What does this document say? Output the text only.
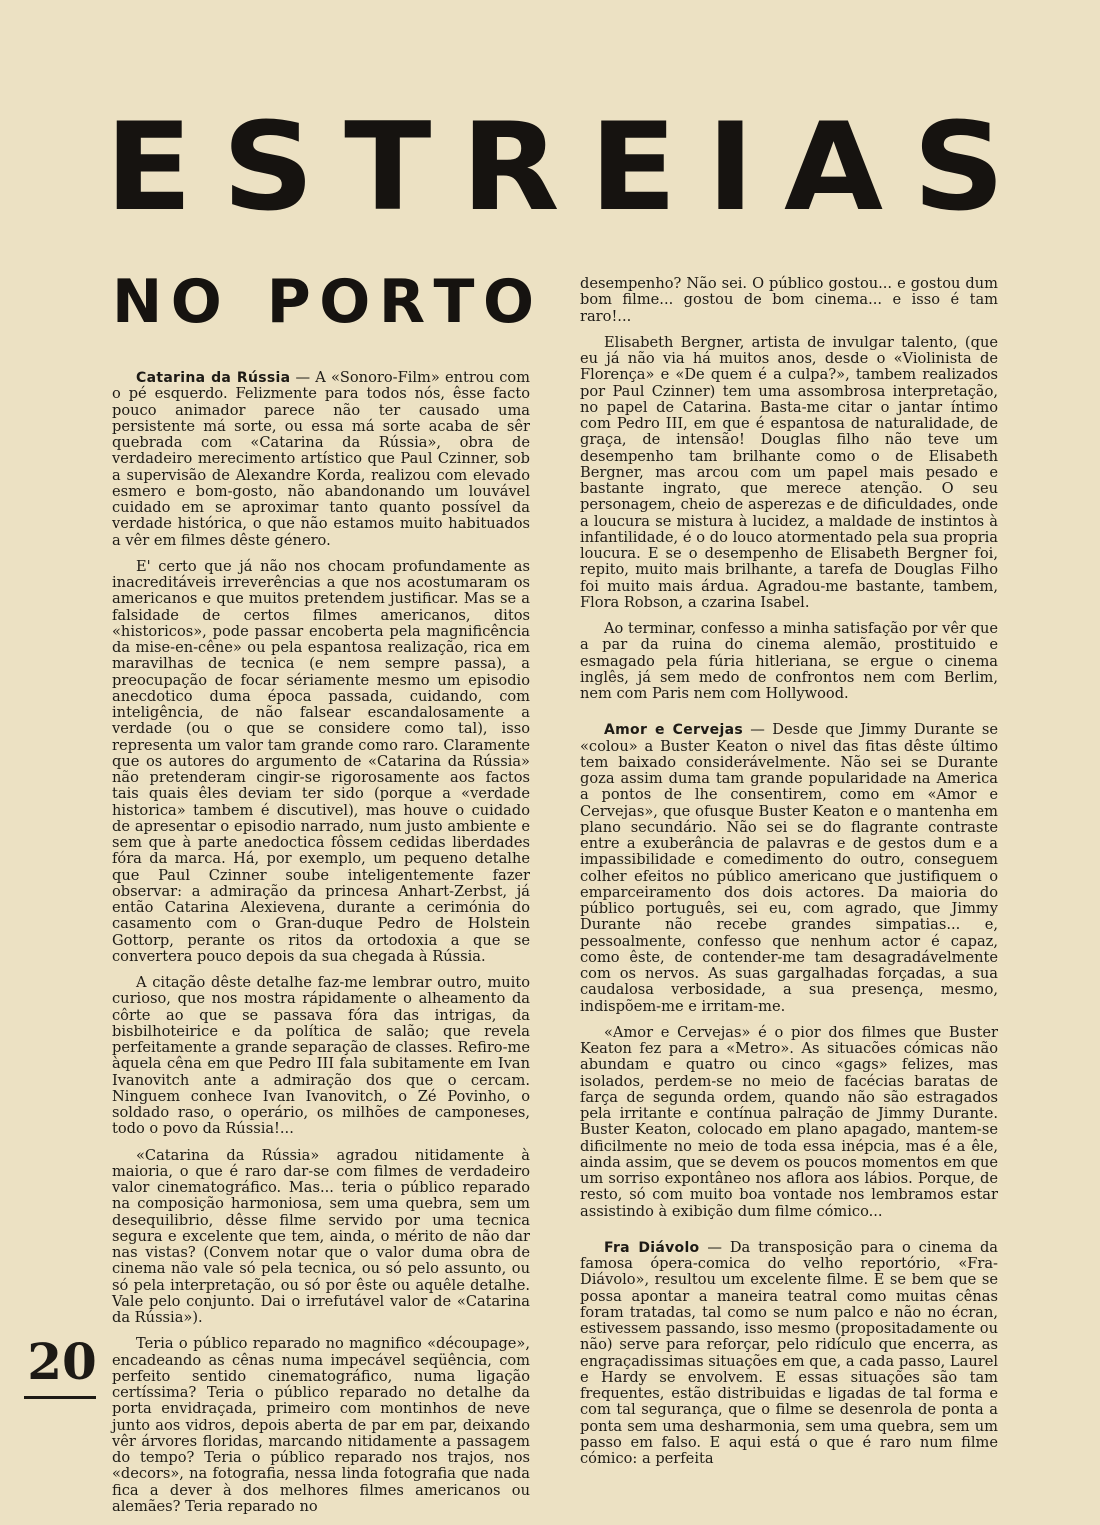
E S T R E I A S
N O P O R T O

Catarina da Rússia — A «Sonoro-Film» entrou com o pé esquerdo. Felizmente para todos nós, êsse facto pouco animador parece não ter causado uma persistente má sorte, ou essa má sorte acaba de sêr quebrada com «Catarina da Rússia», obra de verdadeiro merecimento artístico que Paul Czinner, sob a supervisão de Alexandre Korda, realizou com elevado esmero e bom-gosto, não abandonando um louvável cuidado em se aproximar tanto quanto possível da verdade histórica, o que não estamos muito habituados a vêr em filmes dêste género.

E' certo que já não nos chocam profundamente as inacreditáveis irreverências a que nos acostumaram os americanos e que muitos pretendem justificar. Mas se a falsidade de certos filmes americanos, ditos «historicos», pode passar encoberta pela magnificência da mise-en-cêne» ou pela espantosa realização, rica em maravilhas de tecnica (e nem sempre passa), a preocupação de focar sériamente mesmo um episodio anecdotico duma época passada, cuidando, com inteligência, de não falsear escandalosamente a verdade (ou o que se considere como tal), isso representa um valor tam grande como raro. Claramente que os autores do argumento de «Catarina da Rússia» não pretenderam cingir-se rigorosamente aos factos tais quais êles deviam ter sido (porque a «verdade historica» tambem é discutivel), mas houve o cuidado de apresentar o episodio narrado, num justo ambiente e sem que à parte anedoctica fôssem cedidas liberdades fóra da marca. Há, por exemplo, um pequeno detalhe que Paul Czinner soube inteligentemente fazer observar: a admiração da princesa Anhart-Zerbst, já então Catarina Alexievena, durante a cerimónia do casamento com o Gran-duque Pedro de Holstein Gottorp, perante os ritos da ortodoxia a que se convertera pouco depois da sua chegada à Rússia.

A citação dêste detalhe faz-me lembrar outro, muito curioso, que nos mostra rápidamente o alheamento da côrte ao que se passava fóra das intrigas, da bisbilhoteirice e da política de salão; que revela perfeitamente a grande separação de classes. Refiro-me àquela cêna em que Pedro III fala subitamente em Ivan Ivanovitch ante a admiração dos que o cercam. Ninguem conhece Ivan Ivanovitch, o Zé Povinho, o soldado raso, o operário, os milhões de camponeses, todo o povo da Rússia!...

«Catarina da Rússia» agradou nitidamente à maioria, o que é raro dar-se com filmes de verdadeiro valor cinematográfico. Mas... teria o público reparado na composição harmoniosa, sem uma quebra, sem um desequilibrio, dêsse filme servido por uma tecnica segura e excelente que tem, ainda, o mérito de não dar nas vistas? (Convem notar que o valor duma obra de cinema não vale só pela tecnica, ou só pelo assunto, ou só pela interpretação, ou só por êste ou aquêle detalhe. Vale pelo conjunto. Dai o irrefutável valor de «Catarina da Rússia»).

Teria o público reparado no magnifico «découpage», encadeando as cênas numa impecável seqüência, com perfeito sentido cinematográfico, numa ligação certíssima? Teria o público reparado no detalhe da porta envidraçada, primeiro com montinhos de neve junto aos vidros, depois aberta de par em par, deixando vêr árvores floridas, marcando nitidamente a passagem do tempo? Teria o público reparado nos trajos, nos «decors», na fotografia, nessa linda fotografia que nada fica a dever à dos melhores filmes americanos ou alemães? Teria reparado no

desempenho? Não sei. O público gostou... e gostou dum bom filme... gostou de bom cinema... e isso é tam raro!...

Elisabeth Bergner, artista de invulgar talento, (que eu já não via há muitos anos, desde o «Violinista de Florença» e «De quem é a culpa?», tambem realizados por Paul Czinner) tem uma assombrosa interpretação, no papel de Catarina. Basta-me citar o jantar íntimo com Pedro III, em que é espantosa de naturalidade, de graça, de intensão! Douglas filho não teve um desempenho tam brilhante como o de Elisabeth Bergner, mas arcou com um papel mais pesado e bastante ingrato, que merece atenção. O seu personagem, cheio de asperezas e de dificuldades, onde a loucura se mistura à lucidez, a maldade de instintos à infantilidade, é o do louco atormentado pela sua propria loucura. E se o desempenho de Elisabeth Bergner foi, repito, muito mais brilhante, a tarefa de Douglas Filho foi muito mais árdua. Agradou-me bastante, tambem, Flora Robson, a czarina Isabel.

Ao terminar, confesso a minha satisfação por vêr que a par da ruina do cinema alemão, prostituido e esmagado pela fúria hitleriana, se ergue o cinema inglês, já sem medo de confrontos nem com Berlim, nem com Paris nem com Hollywood.

Amor e Cervejas — Desde que Jimmy Durante se «colou» a Buster Keaton o nivel das fitas dêste último tem baixado considerávelmente. Não sei se Durante goza assim duma tam grande popularidade na America a pontos de lhe consentirem, como em «Amor e Cervejas», que ofusque Buster Keaton e o mantenha em plano secundário. Não sei se do flagrante contraste entre a exuberância de palavras e de gestos dum e a impassibilidade e comedimento do outro, conseguem colher efeitos no público americano que justifiquem o emparceiramento dos dois actores. Da maioria do público português, sei eu, com agrado, que Jimmy Durante não recebe grandes simpatias... e, pessoalmente, confesso que nenhum actor é capaz, como êste, de contender-me tam desagradávelmente com os nervos. As suas gargalhadas forçadas, a sua caudalosa verbosidade, a sua presença, mesmo, indispõem-me e irritam-me.

«Amor e Cervejas» é o pior dos filmes que Buster Keaton fez para a «Metro». As situacões cómicas não abundam e quatro ou cinco «gags» felizes, mas isolados, perdem-se no meio de facécias baratas de farça de segunda ordem, quando não são estragados pela irritante e contínua palração de Jimmy Durante. Buster Keaton, colocado em plano apagado, mantem-se dificilmente no meio de toda essa inépcia, mas é a êle, ainda assim, que se devem os poucos momentos em que um sorriso expontâneo nos aflora aos lábios. Porque, de resto, só com muito boa vontade nos lembramos estar assistindo à exibição dum filme cómico...

Fra Diávolo — Da transposição para o cinema da famosa ópera-comica do velho reportório, «Fra-Diávolo», resultou um excelente filme. E se bem que se possa apontar a maneira teatral como muitas cênas foram tratadas, tal como se num palco e não no écran, estivessem passando, isso mesmo (propositadamente ou não) serve para reforçar, pelo ridículo que encerra, as engraçadissimas situações em que, a cada passo, Laurel e Hardy se envolvem. E essas situações são tam frequentes, estão distribuidas e ligadas de tal forma e com tal segurança, que o filme se desenrola de ponta a ponta sem uma desharmonia, sem uma quebra, sem um passo em falso. E aqui está o que é raro num filme cómico: a perfeita

20
